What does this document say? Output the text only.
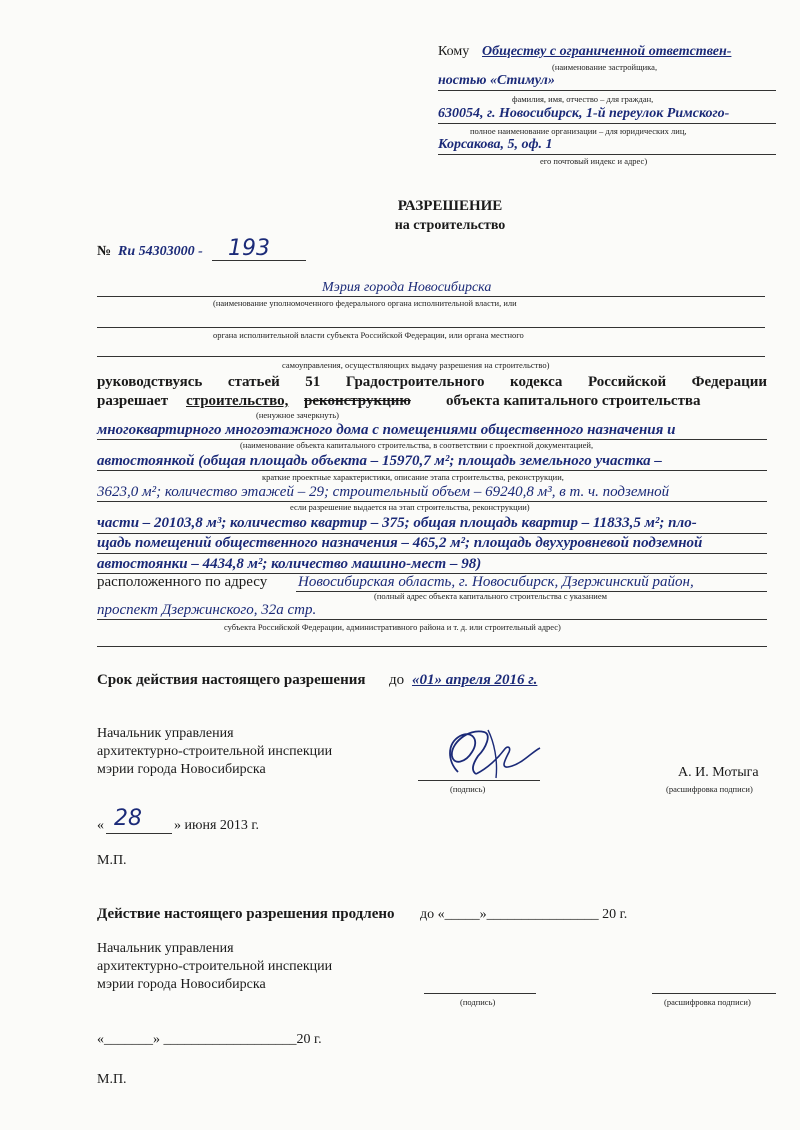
Кому Обществу с ограниченной ответствен-
(наименование застройщика,
ностью «Стимул»
фамилия, имя, отчество – для граждан,
630054, г. Новосибирск, 1-й переулок Римского-
полное наименование организации – для юридических лиц,
Корсакова, 5, оф. 1
его почтовый индекс и адрес)
РАЗРЕШЕНИЕ
на строительство
№ Ru 54303000 - 193
Мэрия города Новосибирска
(наименование уполномоченного федерального органа исполнительной власти, или
органа исполнительной власти субъекта Российской Федерации, или органа местного
самоуправления, осуществляющих выдачу разрешения на строительство)
руководствуясь статьей 51 Градостроительного кодекса Российской Федерации
разрешает строительство, реконструкцию объекта капитального строительства
(ненужное зачеркнуть)
многоквартирного многоэтажного дома с помещениями общественного назначения и
(наименование объекта капитального строительства, в соответствии с проектной документацией,
автостоянкой (общая площадь объекта – 15970,7 м²; площадь земельного участка –
краткие проектные характеристики, описание этапа строительства, реконструкции,
3623,0 м²; количество этажей – 29; строительный объем – 69240,8 м³, в т. ч. подземной
если разрешение выдается на этап строительства, реконструкции)
части – 20103,8 м³; количество квартир – 375; общая площадь квартир – 11833,5 м²; пло-
щадь помещений общественного назначения – 465,2 м²; площадь двухуровневой подземной
автостоянки – 4434,8 м²; количество машино-мест – 98)
расположенного по адресу Новосибирская область, г. Новосибирск, Дзержинский район,
(полный адрес объекта капитального строительства с указанием
проспект Дзержинского, 32а стр.
субъекта Российской Федерации, административного района и т. д. или строительный адрес)
Срок действия настоящего разрешения до «01» апреля 2016 г.
Начальник управления
архитектурно-строительной инспекции
мэрии города Новосибирска
(подпись)
А. И. Мотыга
(расшифровка подписи)
« 28 » июня 2013 г.
М.П.
Действие настоящего разрешения продлено до «_____»________________ 20 г.
Начальник управления
архитектурно-строительной инспекции
мэрии города Новосибирска
(подпись)	(расшифровка подписи)
«_______» ___________________20 г.
М.П.
